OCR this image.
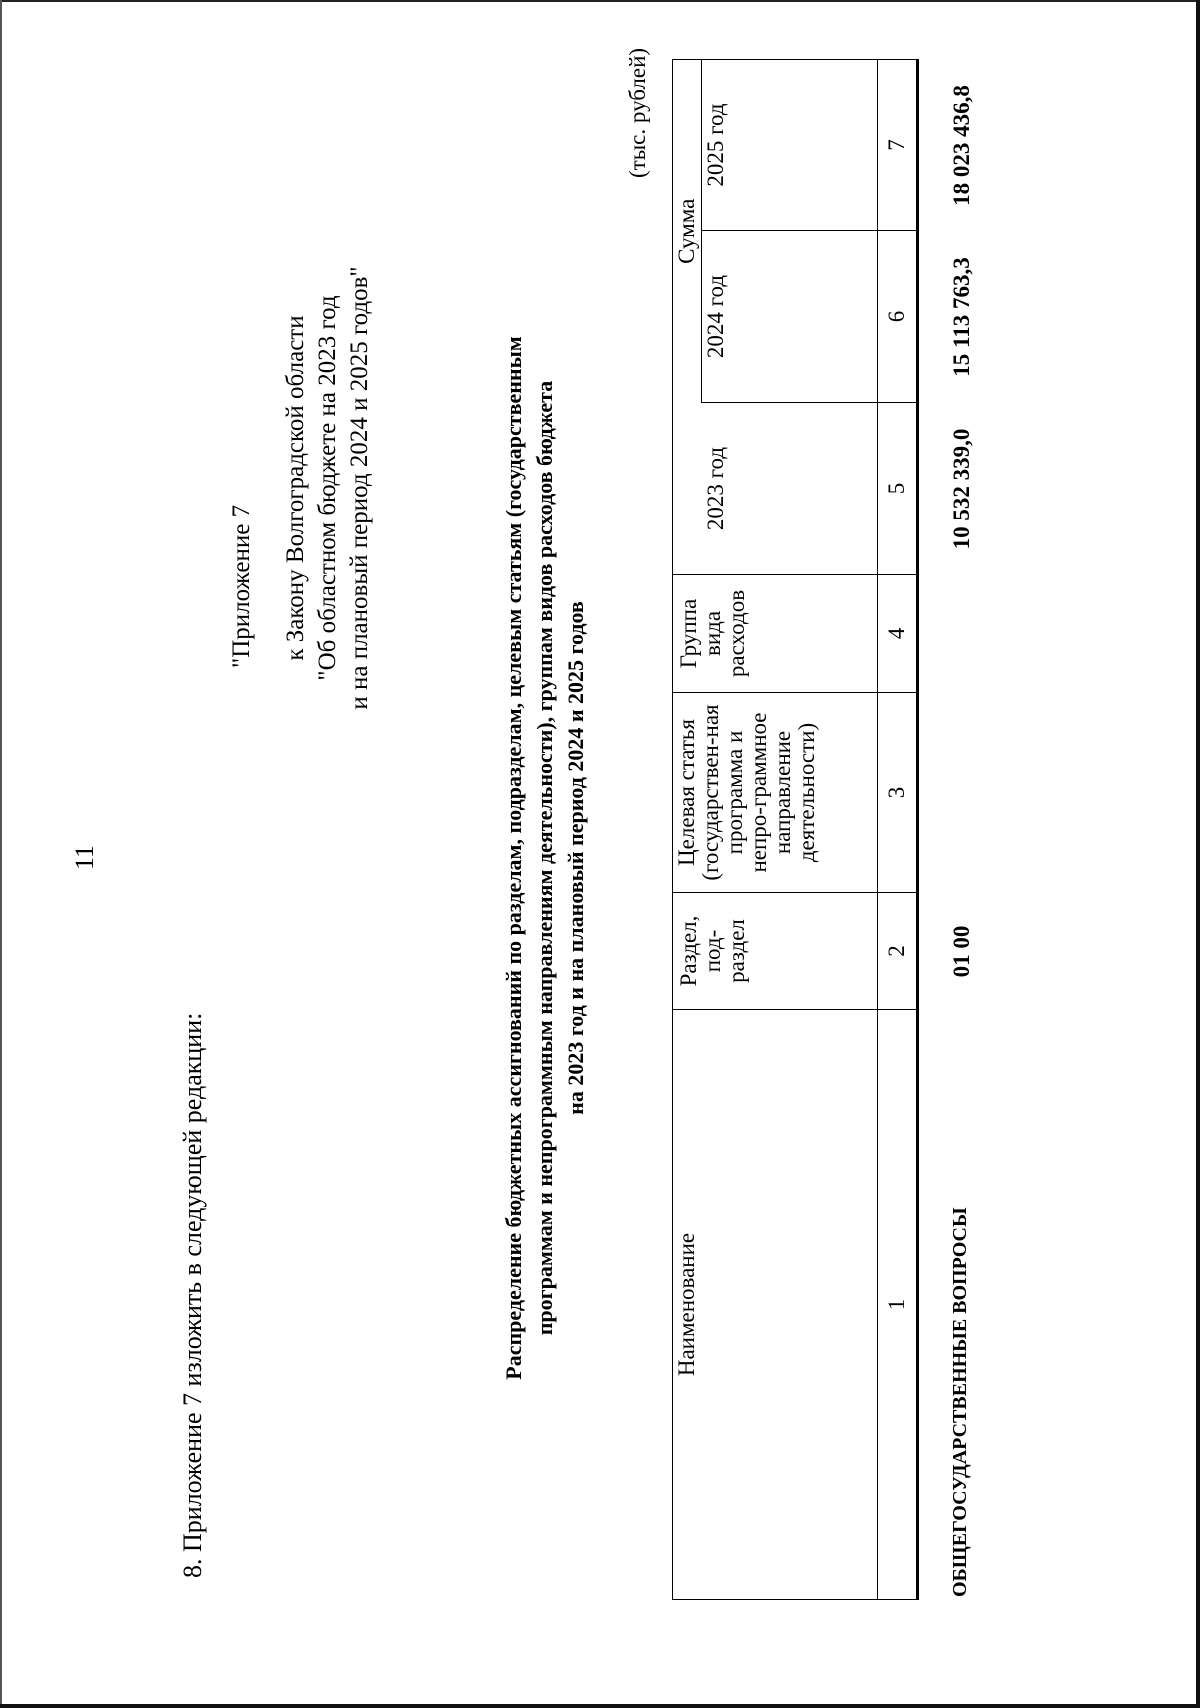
11
8. Приложение 7 изложить в следующей редакции:
"Приложение 7 к Закону Волгоградской области "Об областном бюджете на 2023 год и на плановый период 2024 и 2025 годов"	Распределение бюджетных ассигнований по разделам, подразделам, целевым статьям (государственным программам и непрограммным направлениям деятельности), группам видов расходов бюджета на 2023 год и на плановый период 2024 и 2025 годов
(тыс. рублей)
Наименование	Раздел, под-раздел	Целевая статья (государствен-ная программа и непро-граммное направление деятельности)	Группа вида расходов		Сумма	
				2023 год	2024 год	2025 год
1	2	3	4	5	6	7
ОБЩЕГОСУДАРСТВЕННЫЕ ВОПРОСЫ	01 00			10 532 339,0	15 113 763,3	18 023 436,8
